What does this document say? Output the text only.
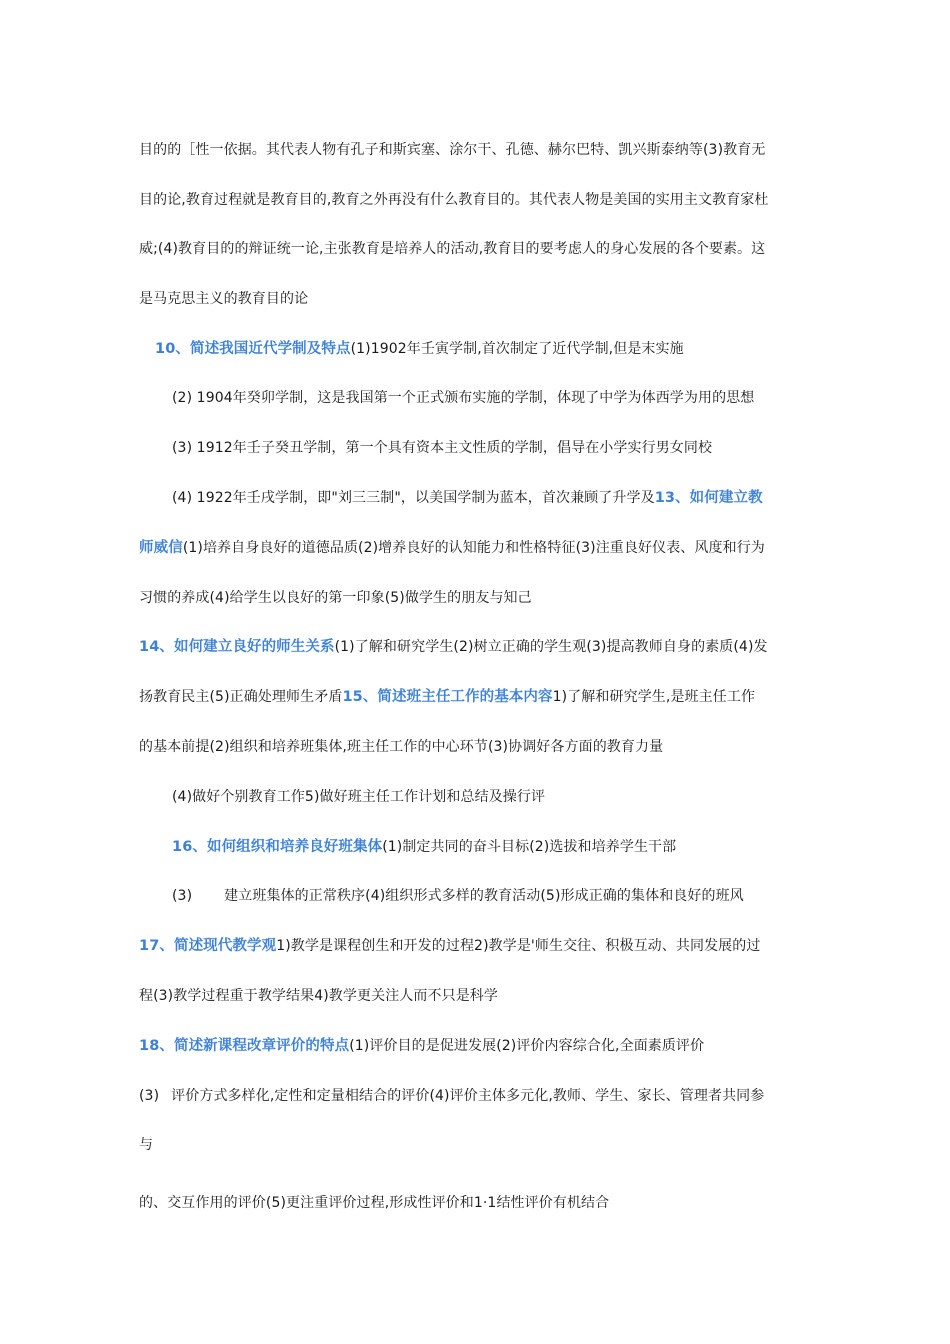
目的的［性一依据。其代表人物有孔子和斯宾塞、涂尔干、孔德、赫尔巴特、凯兴斯泰纳等(3)教育无
目的论,教育过程就是教育目的,教育之外再没有什么教育目的。其代表人物是美国的实用主文教育家杜
威;(4)教育目的的辩证统一论,主张教育是培养人的活动,教育目的要考虑人的身心发展的各个要素。这
是马克思主义的教育目的论
10、简述我国近代学制及特点(1)1902年壬寅学制,首次制定了近代学制,但是末实施
(2) 1904年癸卯学制，这是我国第一个正式颁布实施的学制，体现了中学为体西学为用的思想
(3) 1912年壬子癸丑学制，第一个具有资本主文性质的学制，倡导在小学实行男女同校
(4) 1922年壬戌学制，即"刘三三制"，以美国学制为蓝本，首次兼顾了升学及13、如何建立教
师威信(1)培养自身良好的道德品质(2)增养良好的认知能力和性格特征(3)注重良好仪表、风度和行为
习惯的养成(4)给学生以良好的第一印象(5)做学生的朋友与知己
14、如何建立良好的师生关系(1)了解和研究学生(2)树立正确的学生观(3)提高教师自身的素质(4)发
扬教育民主(5)正确处理师生矛盾15、简述班主任工作的基本内容1)了解和研究学生,是班主任工作
的基本前提(2)组织和培养班集体,班主任工作的中心环节(3)协调好各方面的教育力量
(4)做好个别教育工作5)做好班主任工作计划和总结及操行评
16、如何组织和培养良好班集体(1)制定共同的奋斗目标(2)选拔和培养学生干部
(3) 建立班集体的正常秩序(4)组织形式多样的教育活动(5)形成正确的集体和良好的班风
17、简述现代教学观1)教学是课程创生和开发的过程2)教学是'师生交往、积极互动、共同发展的过
程(3)教学过程重于教学结果4)教学更关注人而不只是科学
18、简述新课程改章评价的特点(1)评价目的是促进发展(2)评价内容综合化,全面素质评价
(3) 评价方式多样化,定性和定量相结合的评价(4)评价主体多元化,教师、学生、家长、管理者共同参
与
的、交互作用的评价(5)更注重评价过程,形成性评价和1·1结性评价有机结合
